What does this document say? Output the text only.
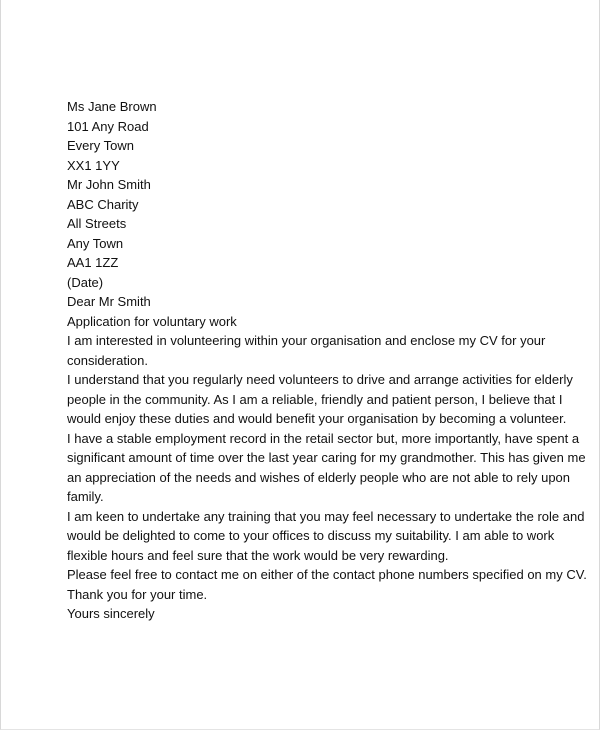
Ms Jane Brown
101 Any Road
Every Town
XX1 1YY
Mr John Smith
ABC Charity
All Streets
Any Town
AA1 1ZZ
(Date)
Dear Mr Smith
Application for voluntary work
I am interested in volunteering within your organisation and enclose my CV for your
consideration.
I understand that you regularly need volunteers to drive and arrange activities for elderly
people in the community. As I am a reliable, friendly and patient person, I believe that I
would enjoy these duties and would benefit your organisation by becoming a volunteer.
I have a stable employment record in the retail sector but, more importantly, have spent a
significant amount of time over the last year caring for my grandmother. This has given me
an appreciation of the needs and wishes of elderly people who are not able to rely upon
family.
I am keen to undertake any training that you may feel necessary to undertake the role and
would be delighted to come to your offices to discuss my suitability. I am able to work
flexible hours and feel sure that the work would be very rewarding.
Please feel free to contact me on either of the contact phone numbers specified on my CV.
Thank you for your time.
Yours sincerely
